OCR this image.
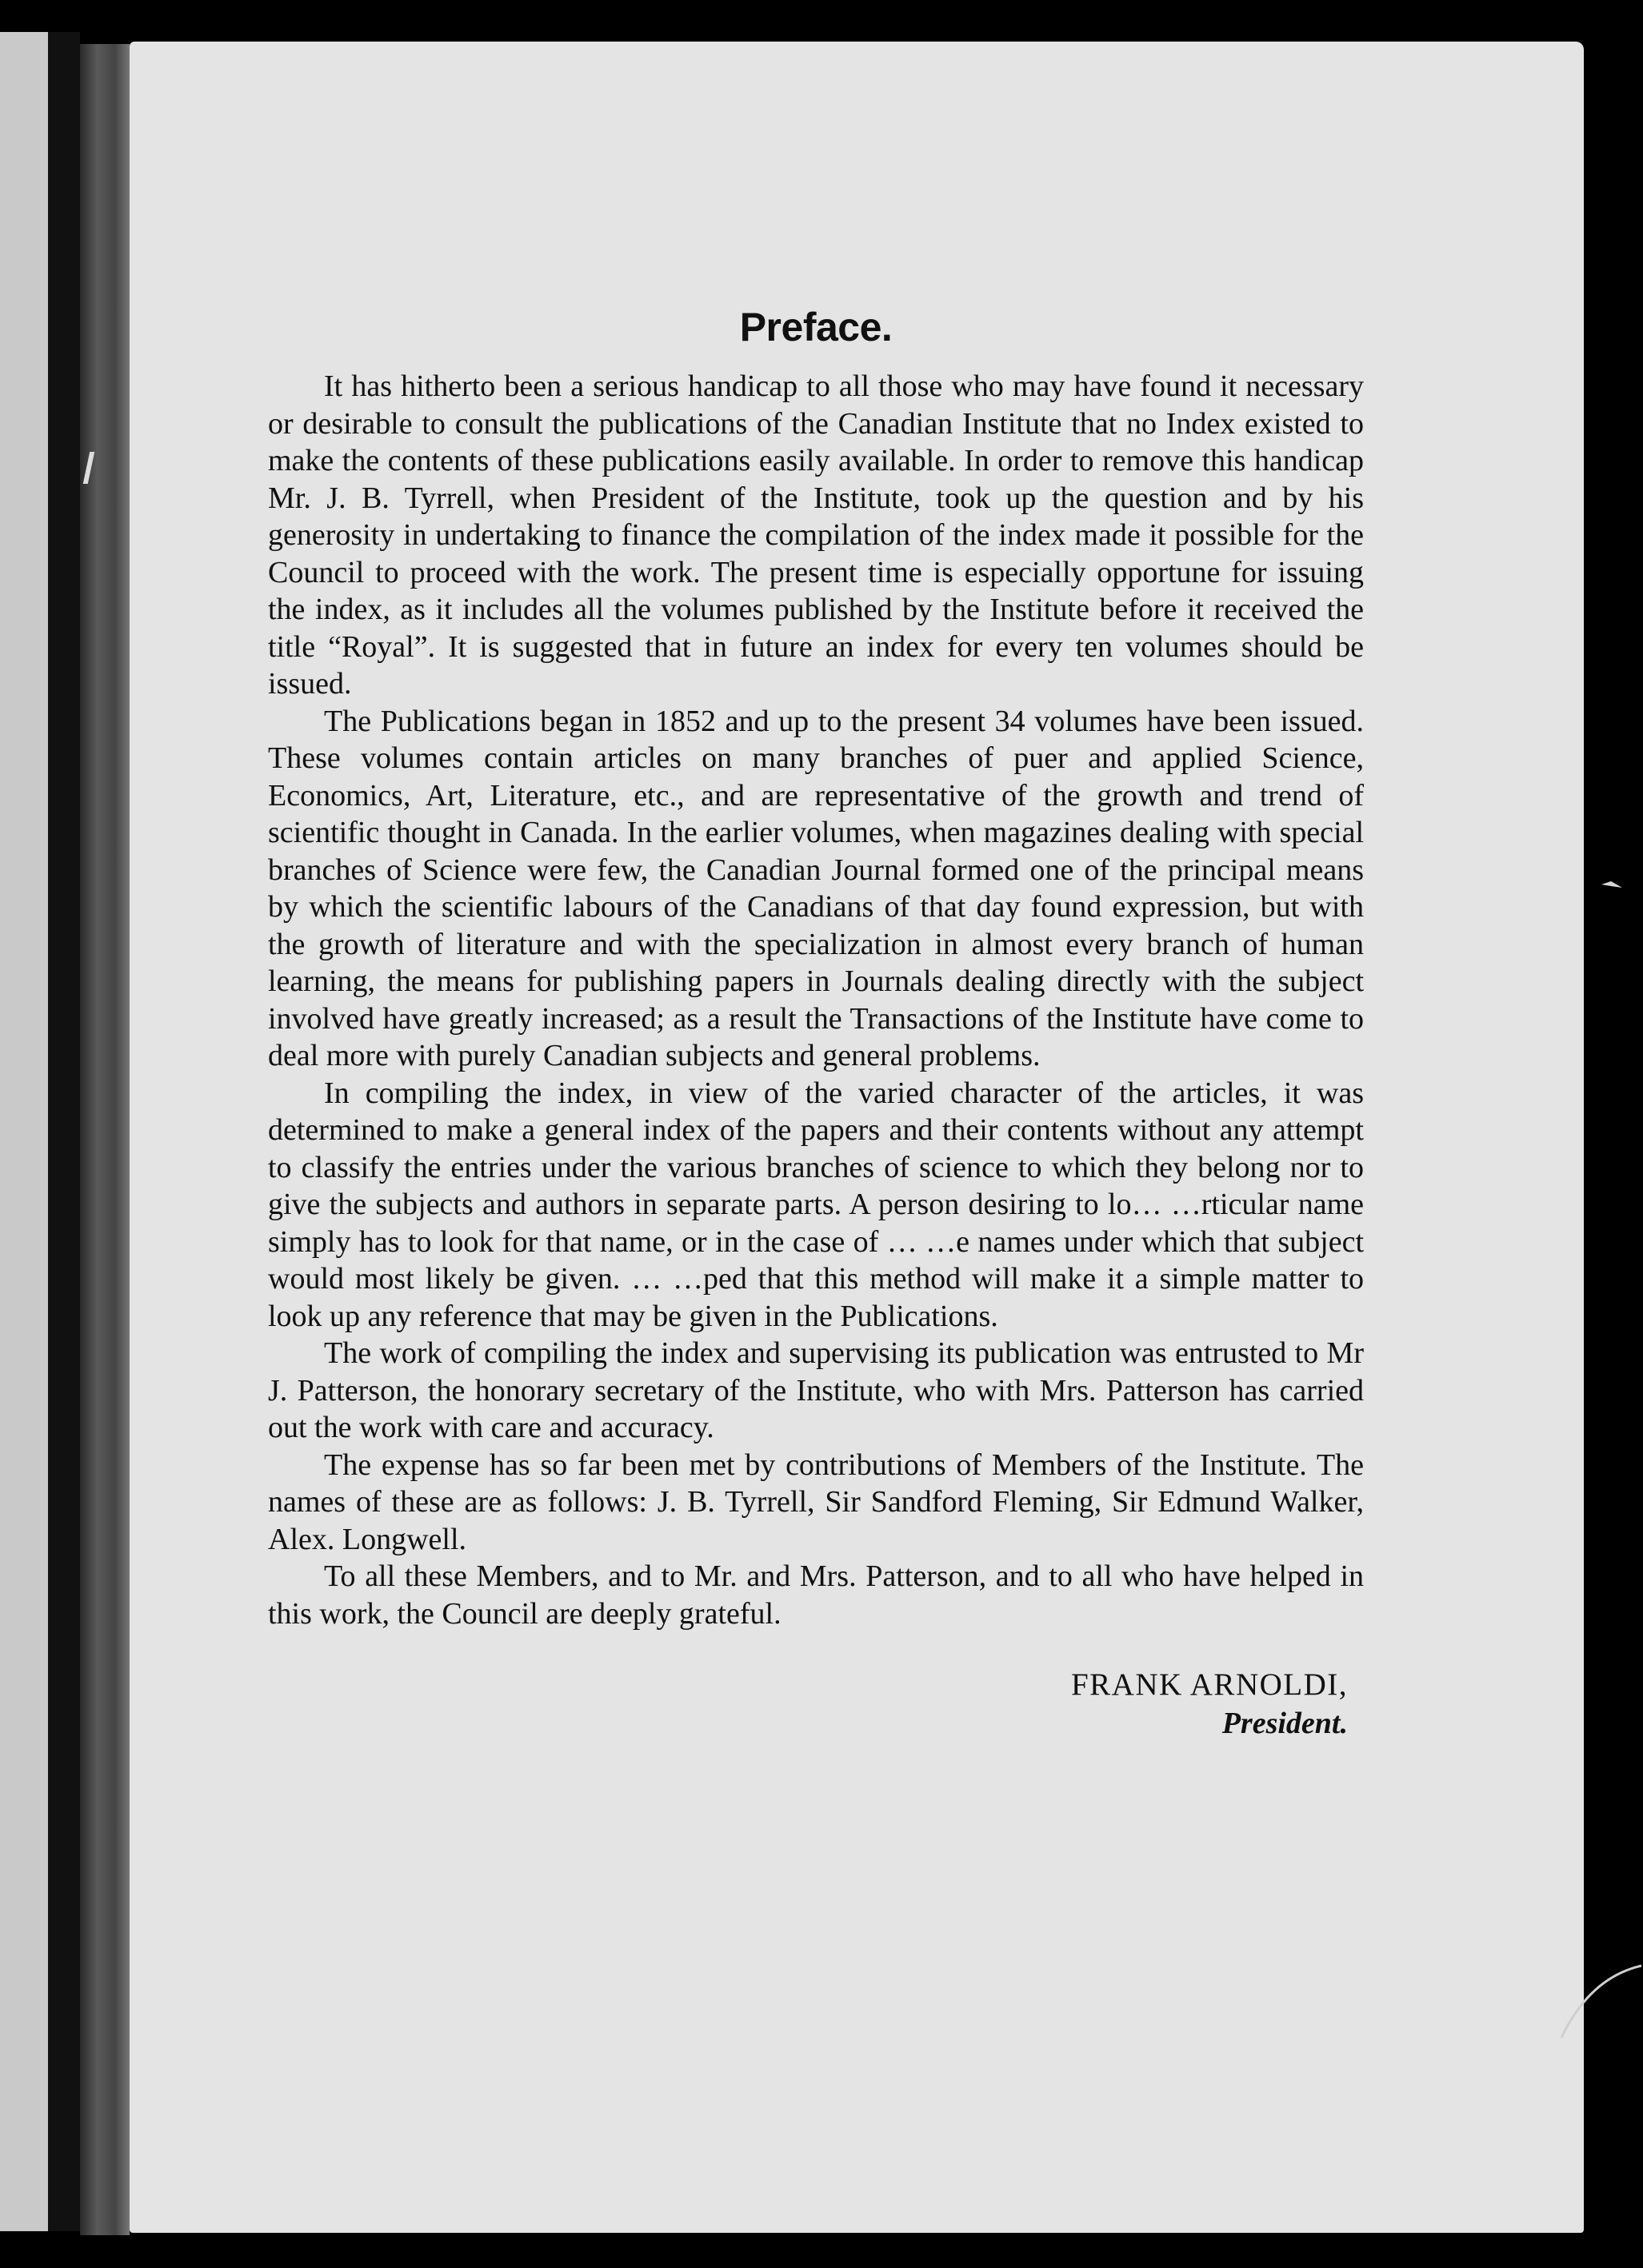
Preface.

It has hitherto been a serious handicap to all those who may have found it necessary or desirable to consult the publications of the Canadian Institute that no Index existed to make the contents of these publications easily available. In order to remove this handicap Mr. J. B. Tyrrell, when President of the Institute, took up the question and by his generosity in undertaking to finance the compilation of the index made it possible for the Council to proceed with the work. The present time is especially opportune for issuing the index, as it includes all the volumes published by the Institute before it received the title “Royal”. It is suggested that in future an index for every ten volumes should be issued.

The Publications began in 1852 and up to the present 34 volumes have been issued. These volumes contain articles on many branches of puer and applied Science, Economics, Art, Literature, etc., and are representative of the growth and trend of scientific thought in Canada. In the earlier volumes, when magazines dealing with special branches of Science were few, the Canadian Journal formed one of the principal means by which the scientific labours of the Canadians of that day found expression, but with the growth of literature and with the specialization in almost every branch of human learning, the means for publishing papers in Journals dealing directly with the subject involved have greatly increased; as a result the Transactions of the Institute have come to deal more with purely Canadian subjects and general problems.

In compiling the index, in view of the varied character of the articles, it was determined to make a general index of the papers and their contents without any attempt to classify the entries under the various branches of science to which they belong nor to give the subjects and authors in separate parts. A person desiring to lo… …rticular name simply has to look for that name, or in the case of … …e names under which that subject would most likely be given. … …ped that this method will make it a simple matter to look up any reference that may be given in the Publications.

The work of compiling the index and supervising its publication was entrusted to Mr J. Patterson, the honorary secretary of the Institute, who with Mrs. Patterson has carried out the work with care and accuracy.

The expense has so far been met by contributions of Members of the Institute. The names of these are as follows: J. B. Tyrrell, Sir Sandford Fleming, Sir Edmund Walker, Alex. Longwell.

To all these Members, and to Mr. and Mrs. Patterson, and to all who have helped in this work, the Council are deeply grateful.

FRANK ARNOLDI,
President.
